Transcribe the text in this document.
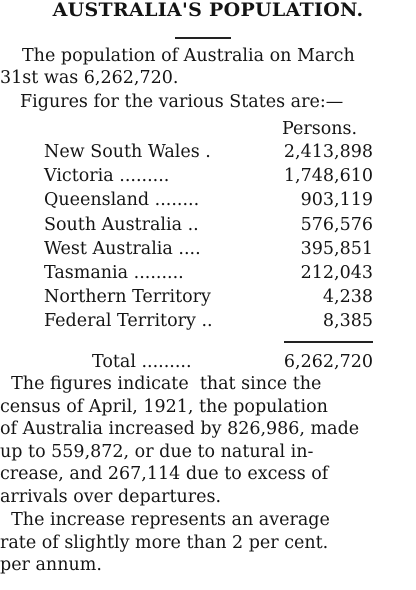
AUSTRALIA'S POPULATION.
The population of Australia on March
31st was 6,262,720.
Figures for the various States are:—
Persons.
New South Wales .	2,413,898
Victoria .........	1,748,610
Queensland ........	903,119
South Australia ..	576,576
West Australia ....	395,851
Tasmania .........	212,043
Northern Territory	4,238
Federal Territory ..	8,385
Total .........	6,262,720
The figures indicate  that since the
census of April, 1921, the population
of Australia increased by 826,986, made
up to 559,872, or due to natural in-
crease, and 267,114 due to excess of
arrivals over departures.
The increase represents an average
rate of slightly more than 2 per cent.
per annum.
